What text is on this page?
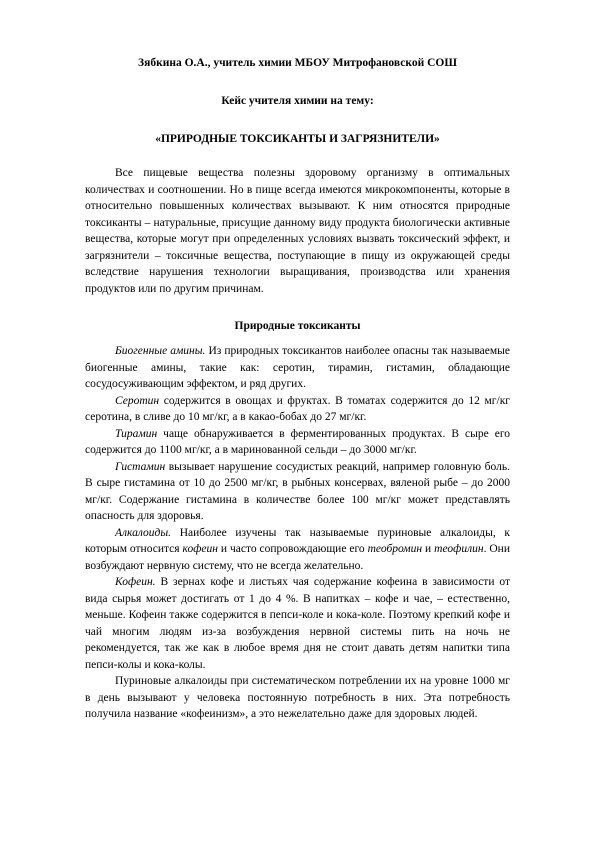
Зябкина О.А., учитель химии МБОУ Митрофановской СОШ
Кейс учителя химии на тему:
«ПРИРОДНЫЕ ТОКСИКАНТЫ И ЗАГРЯЗНИТЕЛИ»

Все пищевые вещества полезны здоровому организму в оптимальных количествах и соотношении. Но в пище всегда имеются микрокомпоненты, которые в относительно повышенных количествах вызывают. К ним относятся природные токсиканты – натуральные, присущие данному виду продукта биологически активные вещества, которые могут при определенных условиях вызвать токсический эффект, и загрязнители – токсичные вещества, поступающие в пищу из окружающей среды вследствие нарушения технологии выращивания, производства или хранения продуктов или по другим причинам.

Природные токсиканты

Биогенные амины. Из природных токсикантов наиболее опасны так называемые биогенные амины, такие как: серотин, тирамин, гистамин, обладающие сосудосуживающим эффектом, и ряд других.

Серотин содержится в овощах и фруктах. В томатах содержится до 12 мг/кг серотина, в сливе до 10 мг/кг, а в какао-бобах до 27 мг/кг.

Тирамин чаще обнаруживается в ферментированных продуктах. В сыре его содержится до 1100 мг/кг, а в маринованной сельди – до 3000 мг/кг.

Гистамин вызывает нарушение сосудистых реакций, например головную боль. В сыре гистамина от 10 до 2500 мг/кг, в рыбных консервах, вяленой рыбе – до 2000 мг/кг. Содержание гистамина в количестве более 100 мг/кг может представлять опасность для здоровья.

Алкалоиды. Наиболее изучены так называемые пуриновые алкалоиды, к которым относится кофеин и часто сопровождающие его теобромин и теофилин. Они возбуждают нервную систему, что не всегда желательно.

Кофеин. В зернах кофе и листьях чая содержание кофеина в зависимости от вида сырья может достигать от 1 до 4 %. В напитках – кофе и чае, – естественно, меньше. Кофеин также содержится в пепси-коле и кока-коле. Поэтому крепкий кофе и чай многим людям из-за возбуждения нервной системы пить на ночь не рекомендуется, так же как в любое время дня не стоит давать детям напитки типа пепси-колы и кока-колы.

Пуриновые алкалоиды при систематическом потреблении их на уровне 1000 мг в день вызывают у человека постоянную потребность в них. Эта потребность получила название «кофеинизм», а это нежелательно даже для здоровых людей.
